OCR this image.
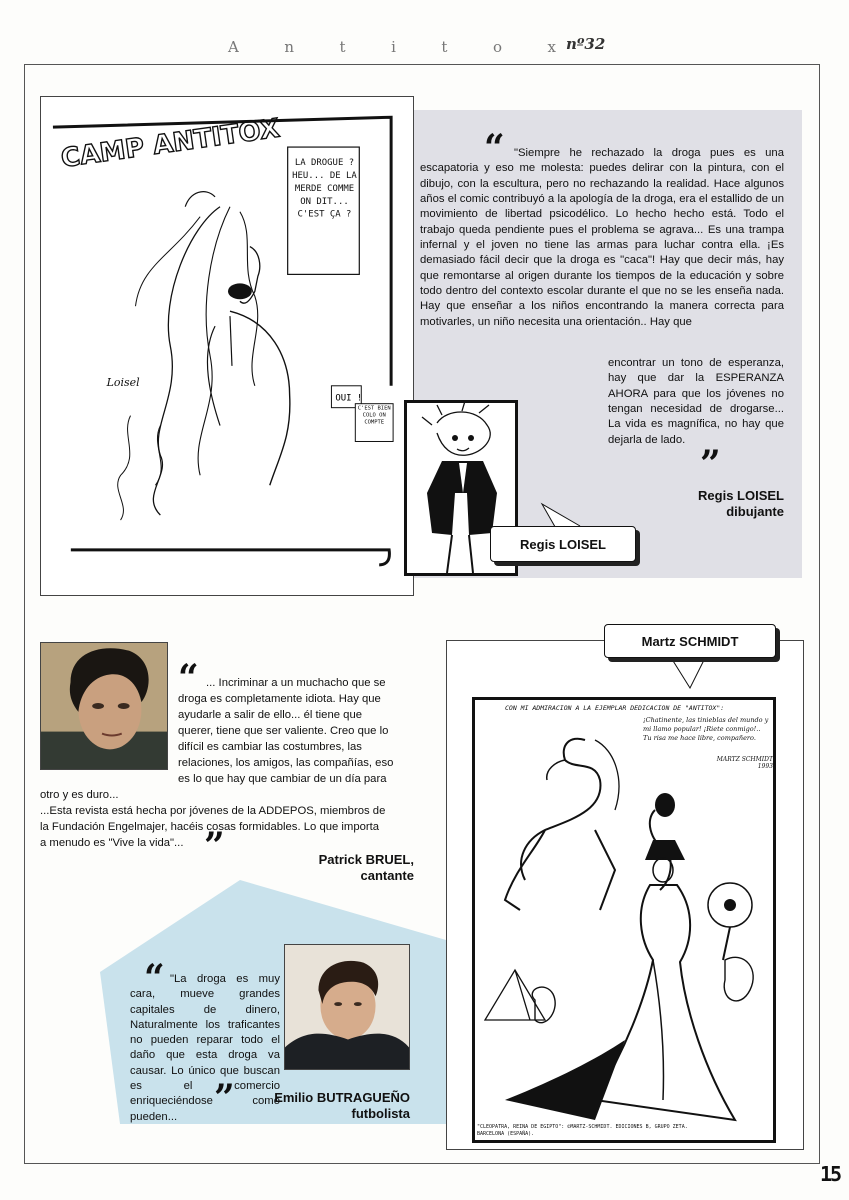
A	n	t	i	t	o	x nº32
CAMP ANTITOX	LA DROGUE ? HEU... DE LA MERDE COMME ON DIT... C'EST ÇA ?
OUI !
C'EST BIEN COLO ON COMPTE
Loisel
“ "Siempre he rechazado la droga pues es una escapatoria y eso me molesta: puedes delirar con la pintura, con el dibujo, con la escultura, pero no rechazando la realidad. Hace algunos años el comic contribuyó a la apología de la droga, era el estallido de un movimiento de libertad psicodélico. Lo hecho hecho está. Todo el trabajo queda pendiente pues el problema se agrava... Es una trampa infernal y el joven no tiene las armas para luchar contra ella. ¡Es demasiado fácil decir que la droga es "caca"! Hay que decir más, hay que remontarse al origen durante los tiempos de la educación y sobre todo dentro del contexto escolar durante el que no se les enseña nada. Hay que enseñar a los niños encontrando la manera correcta para motivarles, un niño necesita una orientación.. Hay que
encontrar un tono de esperanza, hay que dar la ESPERANZA AHORA para que los jóvenes no tengan necesidad de drogarse... La vida es magnífica, no hay que dejarla de lado.
”
Regis LOISEL
dibujante
Regis LOISEL
“ ... Incriminar a un muchacho que se
droga es completamente idiota. Hay que
ayudarle a salir de ello... él tiene que
querer, tiene que ser valiente. Creo que lo
difícil es cambiar las costumbres, las
relaciones, los amigos, las compañías, eso
es lo que hay que cambiar de un día para
otro y es duro...
...Esta revista está hecha por jóvenes de la ADDEPOS, miembros de
la Fundación Engelmajer, hacéis cosas formidables. Lo que importa
a menudo es "Vive la vida"... ”	Patrick BRUEL,
cantante
“ "La droga es muy cara, mueve grandes capitales de dinero, Naturalmente los traficantes no pueden reparar todo el daño que esta droga va causar. Lo único que buscan es el comercio enriqueciéndose como pueden...	”	Emilio BUTRAGUEÑO
futbolista
CON MI ADMIRACION A LA EJEMPLAR DEDICACION DE "ANTITOX":
¡Chatinente, las tinieblas del mundo y mi llamo popular! ¡Riete conmigo!.. Tu risa me hace libre, compañero.
MARTZ SCHMIDT 1993
"CLEOPATRA, REINA DE EGIPTO": ©MARTZ-SCHMIDT. EDICIONES B, GRUPO ZETA. BARCELONA (ESPAÑA).
Martz SCHMIDT
15
